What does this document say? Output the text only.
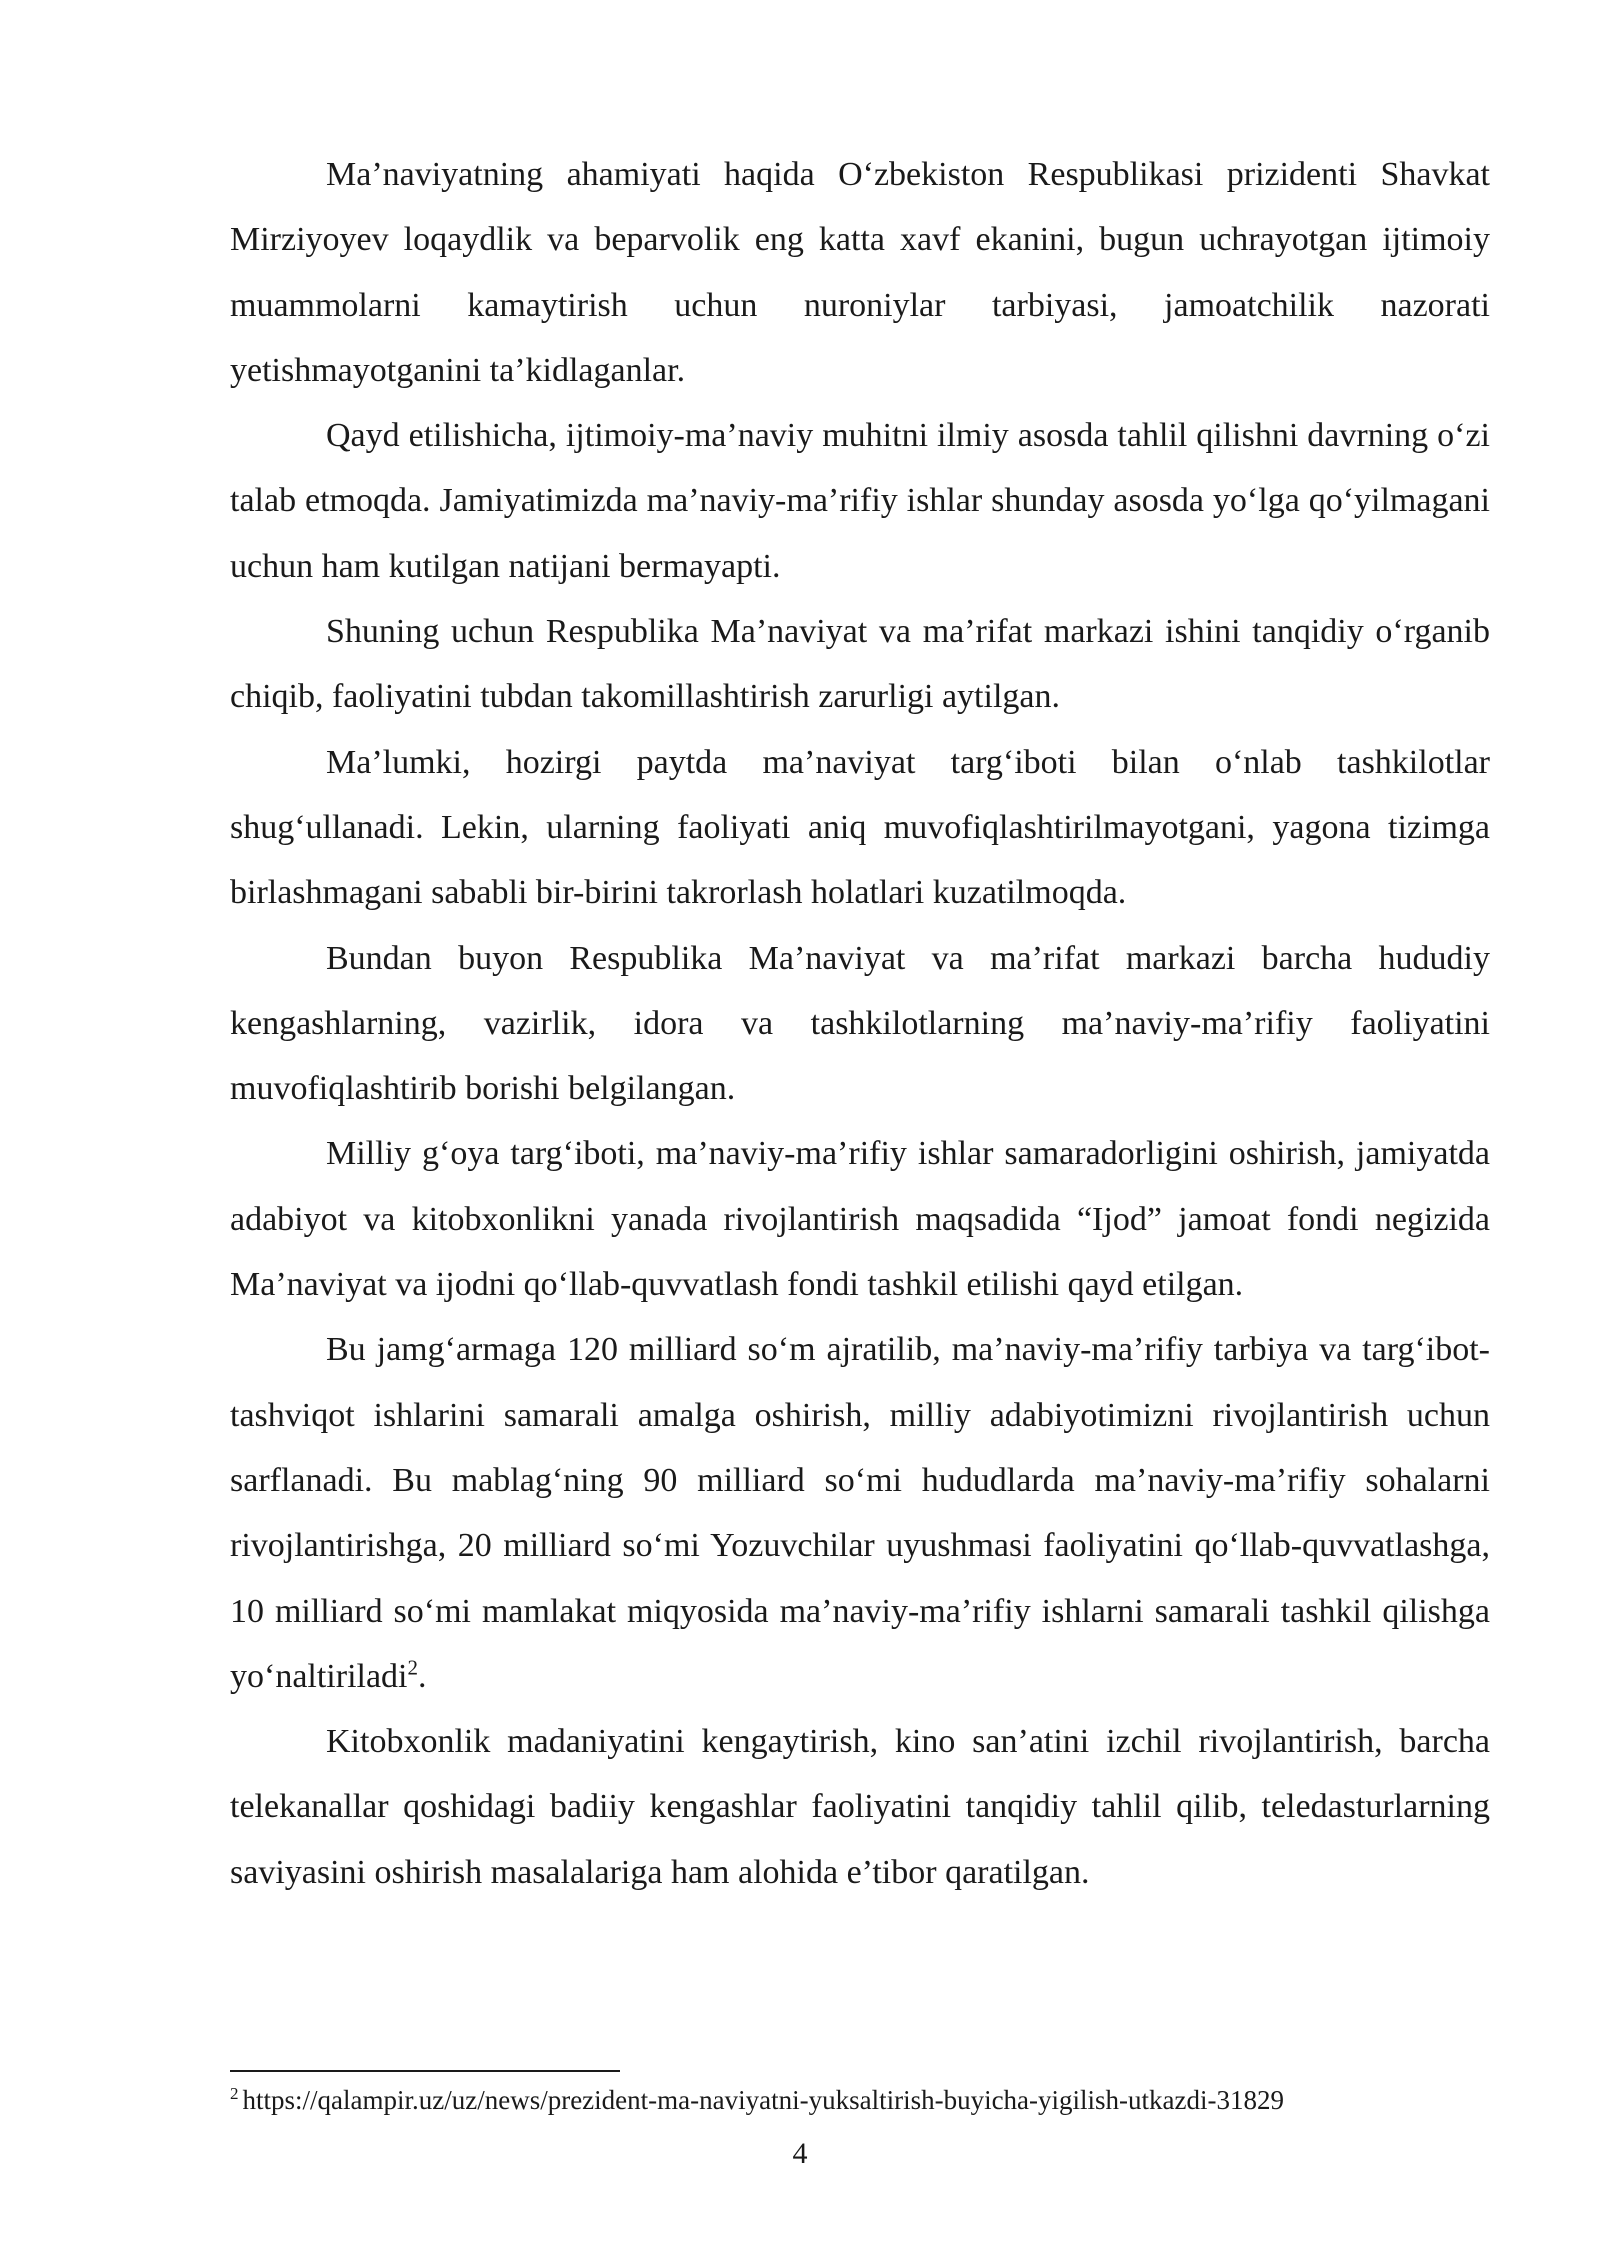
Ma’naviyatning ahamiyati haqida O‘zbekiston Respublikasi prizidenti Shavkat Mirziyoyev loqaydlik va beparvolik eng katta xavf ekanini, bugun uchrayotgan ijtimoiy muammolarni kamaytirish uchun nuroniylar tarbiyasi, jamoatchilik nazorati yetishmayotganini ta’kidlaganlar.

Qayd etilishicha, ijtimoiy-ma’naviy muhitni ilmiy asosda tahlil qilishni davrning o‘zi talab etmoqda. Jamiyatimizda ma’naviy-ma’rifiy ishlar shunday asosda yo‘lga qo‘yilmagani uchun ham kutilgan natijani bermayapti.

Shuning uchun Respublika Ma’naviyat va ma’rifat markazi ishini tanqidiy o‘rganib chiqib, faoliyatini tubdan takomillashtirish zarurligi aytilgan.

Ma’lumki, hozirgi paytda ma’naviyat targ‘iboti bilan o‘nlab tashkilotlar shug‘ullanadi. Lekin, ularning faoliyati aniq muvofiqlashtirilmayotgani, yagona tizimga birlashmagani sababli bir-birini takrorlash holatlari kuzatilmoqda.

Bundan buyon Respublika Ma’naviyat va ma’rifat markazi barcha hududiy kengashlarning, vazirlik, idora va tashkilotlarning ma’naviy-ma’rifiy faoliyatini muvofiqlashtirib borishi belgilangan.

Milliy g‘oya targ‘iboti, ma’naviy-ma’rifiy ishlar samaradorligini oshirish, jamiyatda adabiyot va kitobxonlikni yanada rivojlantirish maqsadida “Ijod” jamoat fondi negizida Ma’naviyat va ijodni qo‘llab-quvvatlash fondi tashkil etilishi qayd etilgan.

Bu jamg‘armaga 120 milliard so‘m ajratilib, ma’naviy-ma’rifiy tarbiya va targ‘ibot-tashviqot ishlarini samarali amalga oshirish, milliy adabiyotimizni rivojlantirish uchun sarflanadi. Bu mablag‘ning 90 milliard so‘mi hududlarda ma’naviy-ma’rifiy sohalarni rivojlantirishga, 20 milliard so‘mi Yozuvchilar uyushmasi faoliyatini qo‘llab-quvvatlashga, 10 milliard so‘mi mamlakat miqyosida ma’naviy-ma’rifiy ishlarni samarali tashkil qilishga yo‘naltiriladi$^2$.

Kitobxonlik madaniyatini kengaytirish, kino san’atini izchil rivojlantirish, barcha telekanallar qoshidagi badiiy kengashlar faoliyatini tanqidiy tahlil qilib, teledasturlarning saviyasini oshirish masalalariga ham alohida e’tibor qaratilgan.

$^2$ https://qalampir.uz/uz/news/prezident-ma-naviyatni-yuksaltirish-buyicha-yigilish-utkazdi-31829
4
